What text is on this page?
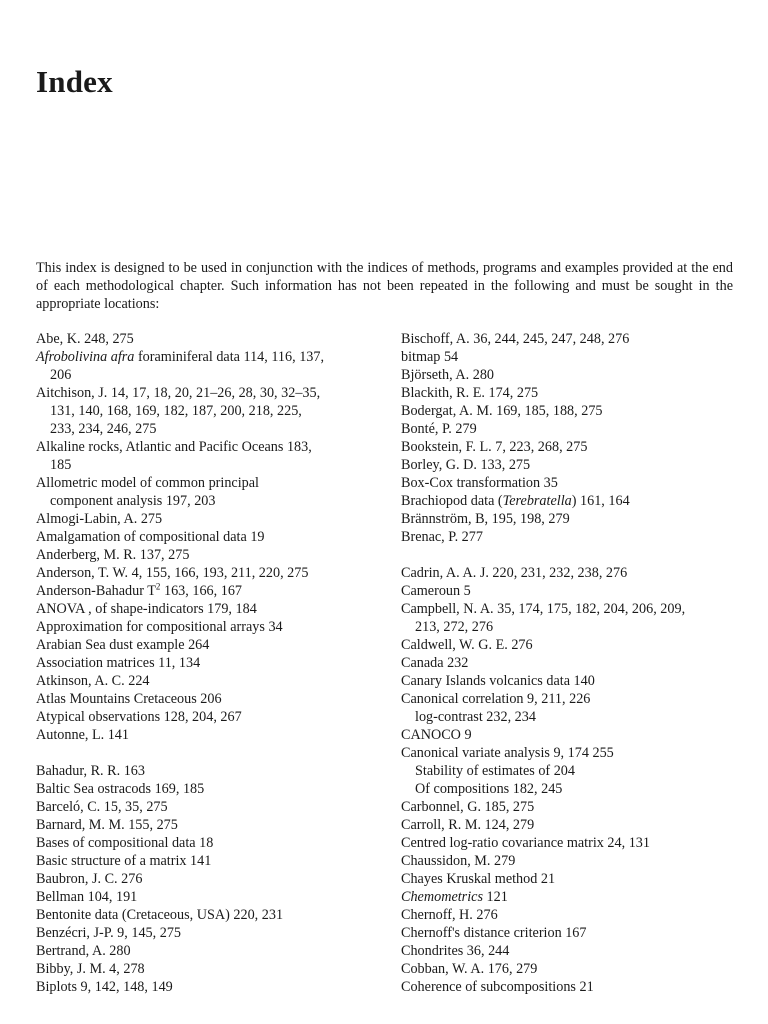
Index

This index is designed to be used in conjunction with the indices of methods, programs and examples provided at the end of each methodological chapter. Such information has not been repeated in the following and must be sought in the appropriate locations:

Abe, K. 248, 275
Afrobolivina afra foraminiferal data 114, 116, 137,
206
Aitchison, J. 14, 17, 18, 20, 21–26, 28, 30, 32–35,
131, 140, 168, 169, 182, 187, 200, 218, 225,
233, 234, 246, 275
Alkaline rocks, Atlantic and Pacific Oceans 183,
185
Allometric model of common principal
component analysis 197, 203
Almogi-Labin, A. 275
Amalgamation of compositional data 19
Anderberg, M. R. 137, 275
Anderson, T. W. 4, 155, 166, 193, 211, 220, 275
Anderson-Bahadur $T^2$ 163, 166, 167
ANOVA , of shape-indicators 179, 184
Approximation for compositional arrays 34
Arabian Sea dust example 264
Association matrices 11, 134
Atkinson, A. C. 224
Atlas Mountains Cretaceous 206
Atypical observations 128, 204, 267
Autonne, L. 141
Bahadur, R. R. 163
Baltic Sea ostracods 169, 185
Barceló, C. 15, 35, 275
Barnard, M. M. 155, 275
Bases of compositional data 18
Basic structure of a matrix 141
Baubron, J. C. 276
Bellman 104, 191
Bentonite data (Cretaceous, USA) 220, 231
Benzécri, J-P. 9, 145, 275
Bertrand, A. 280
Bibby, J. M. 4, 278
Biplots 9, 142, 148, 149
Bischoff, A. 36, 244, 245, 247, 248, 276
bitmap 54
Björseth, A. 280
Blackith, R. E. 174, 275
Bodergat, A. M. 169, 185, 188, 275
Bonté, P. 279
Bookstein, F. L. 7, 223, 268, 275
Borley, G. D. 133, 275
Box-Cox transformation 35
Brachiopod data (Terebratella) 161, 164
Brännström, B, 195, 198, 279
Brenac, P. 277
Cadrin, A. A. J. 220, 231, 232, 238, 276
Cameroun 5
Campbell, N. A. 35, 174, 175, 182, 204, 206, 209,
213, 272, 276
Caldwell, W. G. E. 276
Canada 232
Canary Islands volcanics data 140
Canonical correlation 9, 211, 226
log-contrast 232, 234
CANOCO 9
Canonical variate analysis 9, 174 255
Stability of estimates of 204
Of compositions 182, 245
Carbonnel, G. 185, 275
Carroll, R. M. 124, 279
Centred log-ratio covariance matrix 24, 131
Chaussidon, M. 279
Chayes Kruskal method 21
Chemometrics 121
Chernoff, H. 276
Chernoff's distance criterion 167
Chondrites 36, 244
Cobban, W. A. 176, 279
Coherence of subcompositions 21
